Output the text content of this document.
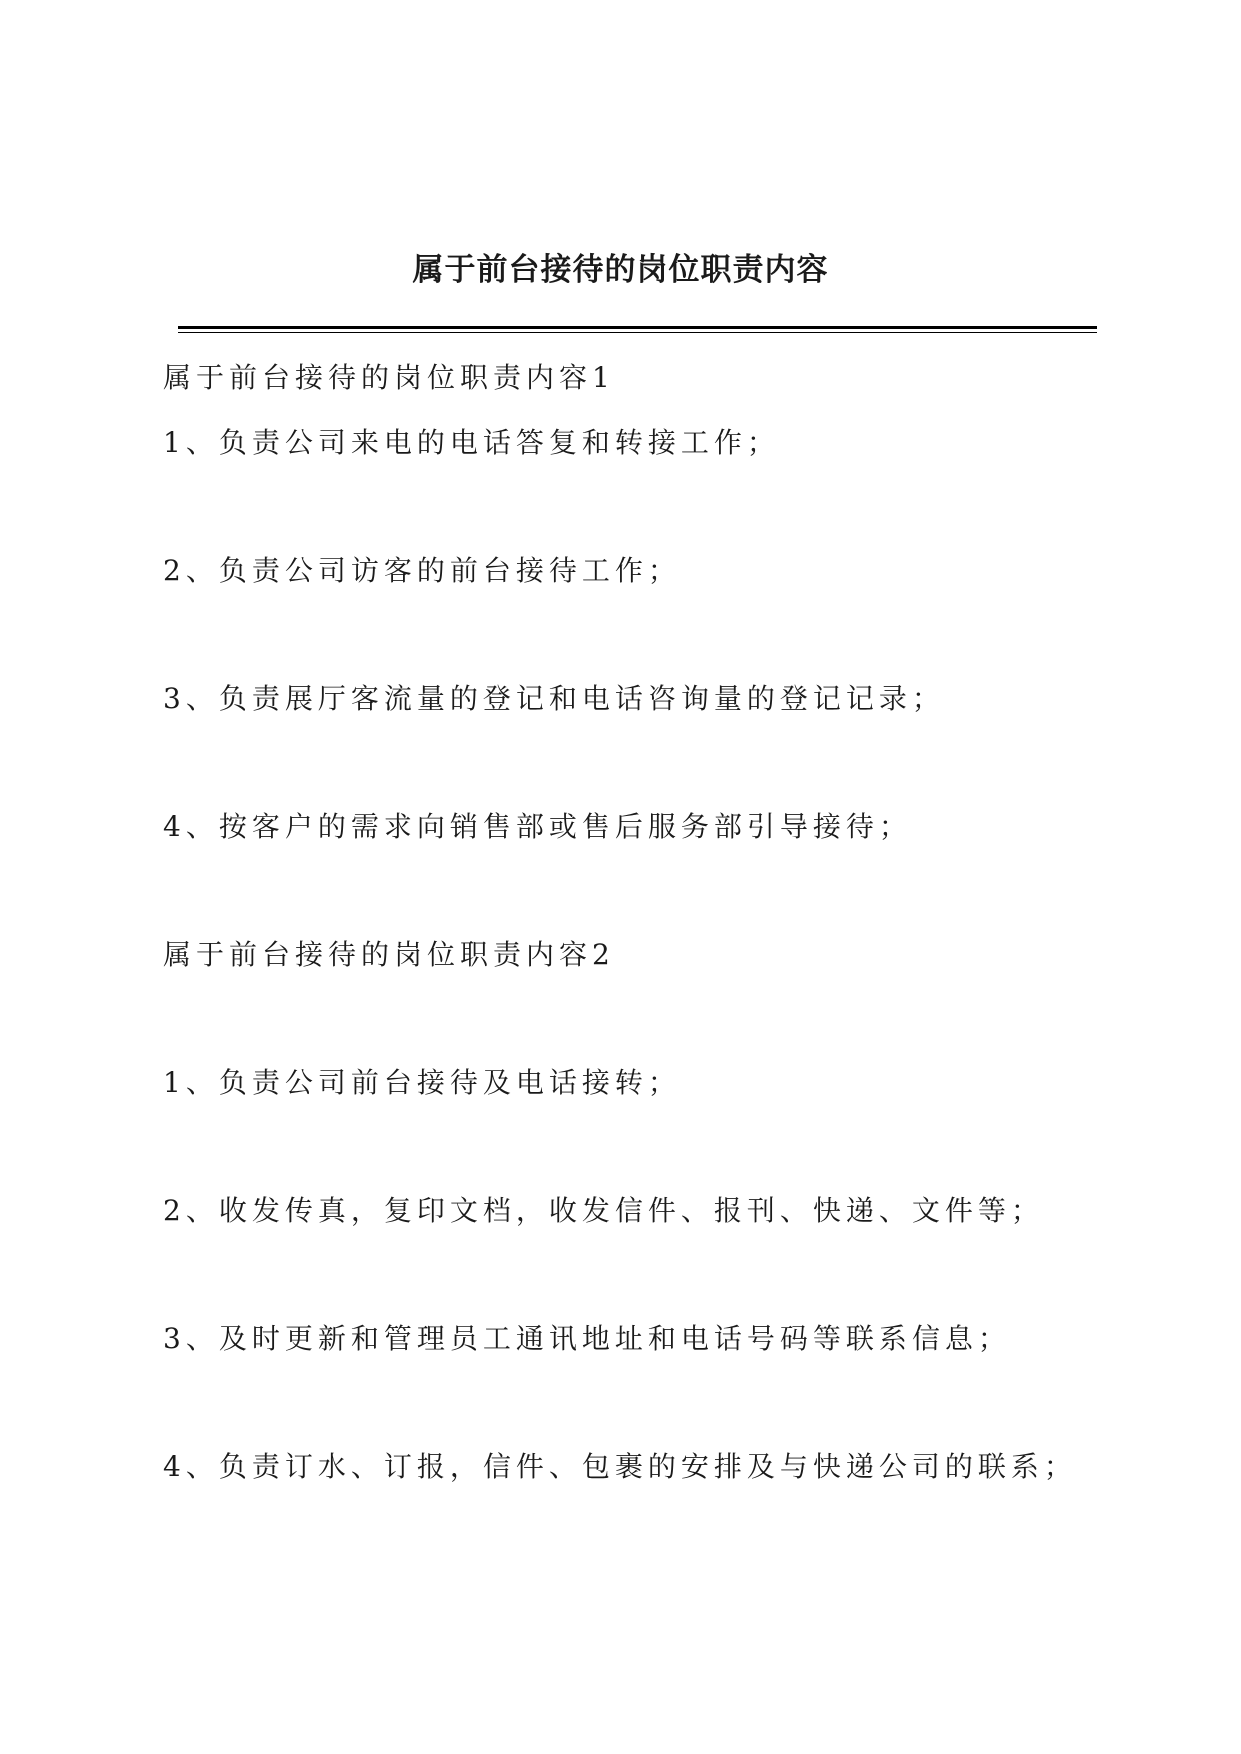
属于前台接待的岗位职责内容
属于前台接待的岗位职责内容1
1、负责公司来电的电话答复和转接工作；
2、负责公司访客的前台接待工作；
3、负责展厅客流量的登记和电话咨询量的登记记录；
4、按客户的需求向销售部或售后服务部引导接待；
属于前台接待的岗位职责内容2
1、负责公司前台接待及电话接转；
2、收发传真，复印文档，收发信件、报刊、快递、文件等；
3、及时更新和管理员工通讯地址和电话号码等联系信息；
4、负责订水、订报，信件、包裹的安排及与快递公司的联系；
